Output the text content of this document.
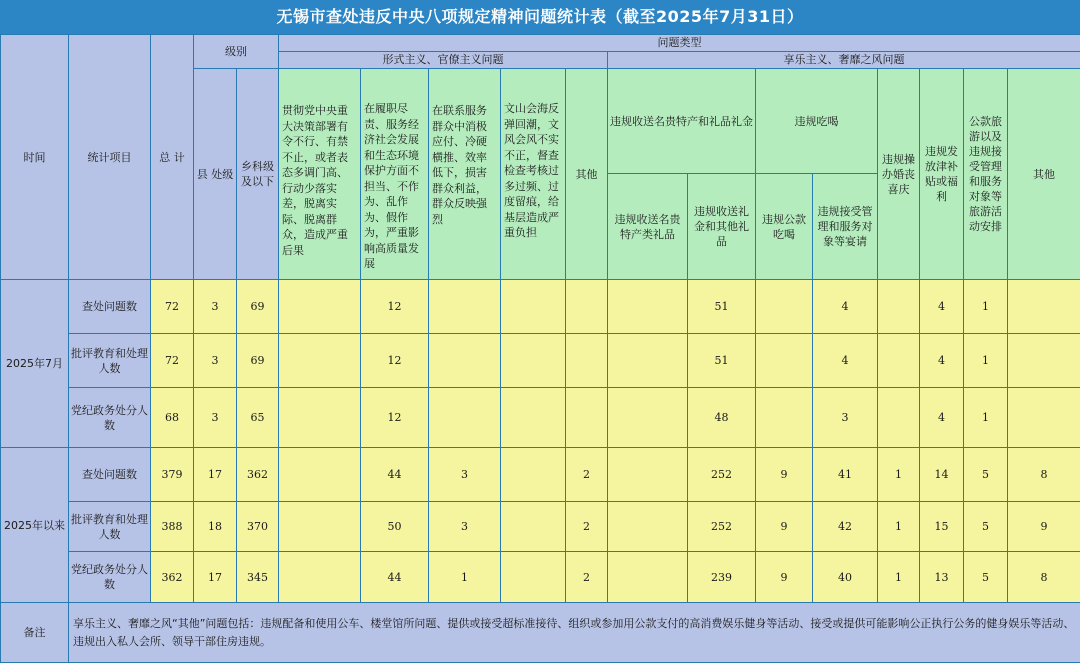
无锡市查处违反中央八项规定精神问题统计表（截至2025年7月31日）
时间	统计项目	总 计	级别		问题类型												
					形式主义、官僚主义问题					享乐主义、奢靡之风问题							
			县 处级	乡科级及以下	贯彻党中央重大决策部署有令不行、有禁不止，或者表态多调门高、行动少落实差，脱离实际、脱离群众，造成严重后果	在履职尽责、服务经济社会发展和生态环境保护方面不担当、不作为、乱作为、假作为，严重影响高质量发展	在联系服务群众中消极应付、冷硬横推、效率低下，损害群众利益，群众反映强烈	文山会海反弹回潮，文风会风不实不正，督查检查考核过多过频、过度留痕，给基层造成严重负担	其他	违规收送名贵特产和礼品礼金		违规吃喝		违规操办婚丧喜庆	违规发放津补贴或福利	公款旅游以及违规接受管理和服务对象等旅游活动安排	其他
										违规收送名贵特产类礼品	违规收送礼金和其他礼品	违规公款吃喝	违规接受管理和服务对象等宴请				
2025年7月	查处问题数	72	3	69		12					51		4		4	1	
	批评教育和处理人数	72	3	69		12					51		4		4	1	
	党纪政务处分人数	68	3	65		12					48		3		4	1	
2025年以来	查处问题数	379	17	362		44	3		2		252	9	41	1	14	5	8
	批评教育和处理人数	388	18	370		50	3		2		252	9	42	1	15	5	9
	党纪政务处分人数	362	17	345		44	1		2		239	9	40	1	13	5	8
备注	享乐主义、奢靡之风“其他”问题包括：违规配备和使用公车、楼堂馆所问题、提供或接受超标准接待、组织或参加用公款支付的高消费娱乐健身等活动、接受或提供可能影响公正执行公务的健身娱乐等活动、违规出入私人会所、领导干部住房违规。																
